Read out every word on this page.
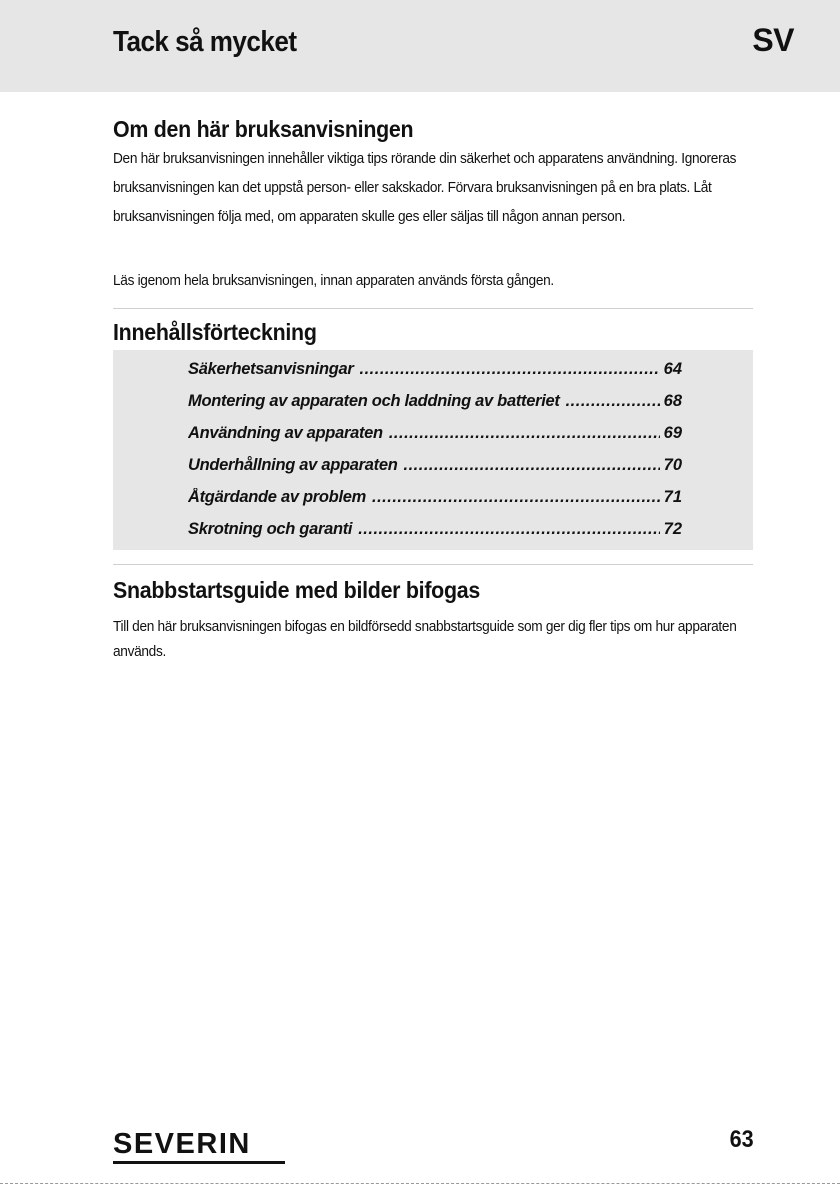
Tack så mycket	SV
Om den här bruksanvisningen
Den här bruksanvisningen innehåller viktiga tips rörande din säkerhet och apparatens användning. Ignoreras bruksanvisningen kan det uppstå person- eller sakskador. Förvara bruksanvisningen på en bra plats. Låt bruksanvisningen följa med, om apparaten skulle ges eller säljas till någon annan person.
Läs igenom hela bruksanvisningen, innan apparaten används första gången.
Innehållsförteckning
Säkerhetsanvisningar .....	64
Montering av apparaten och laddning av batteriet .....	68
Användning av apparaten .....	69
Underhållning av apparaten .....	70
Åtgärdande av problem .....	71
Skrotning och garanti .....	72
Snabbstartsguide med bilder bifogas
Till den här bruksanvisningen bifogas en bildförsedd snabbstartsguide som ger dig fler tips om hur apparaten används.
SEVERIN	63
